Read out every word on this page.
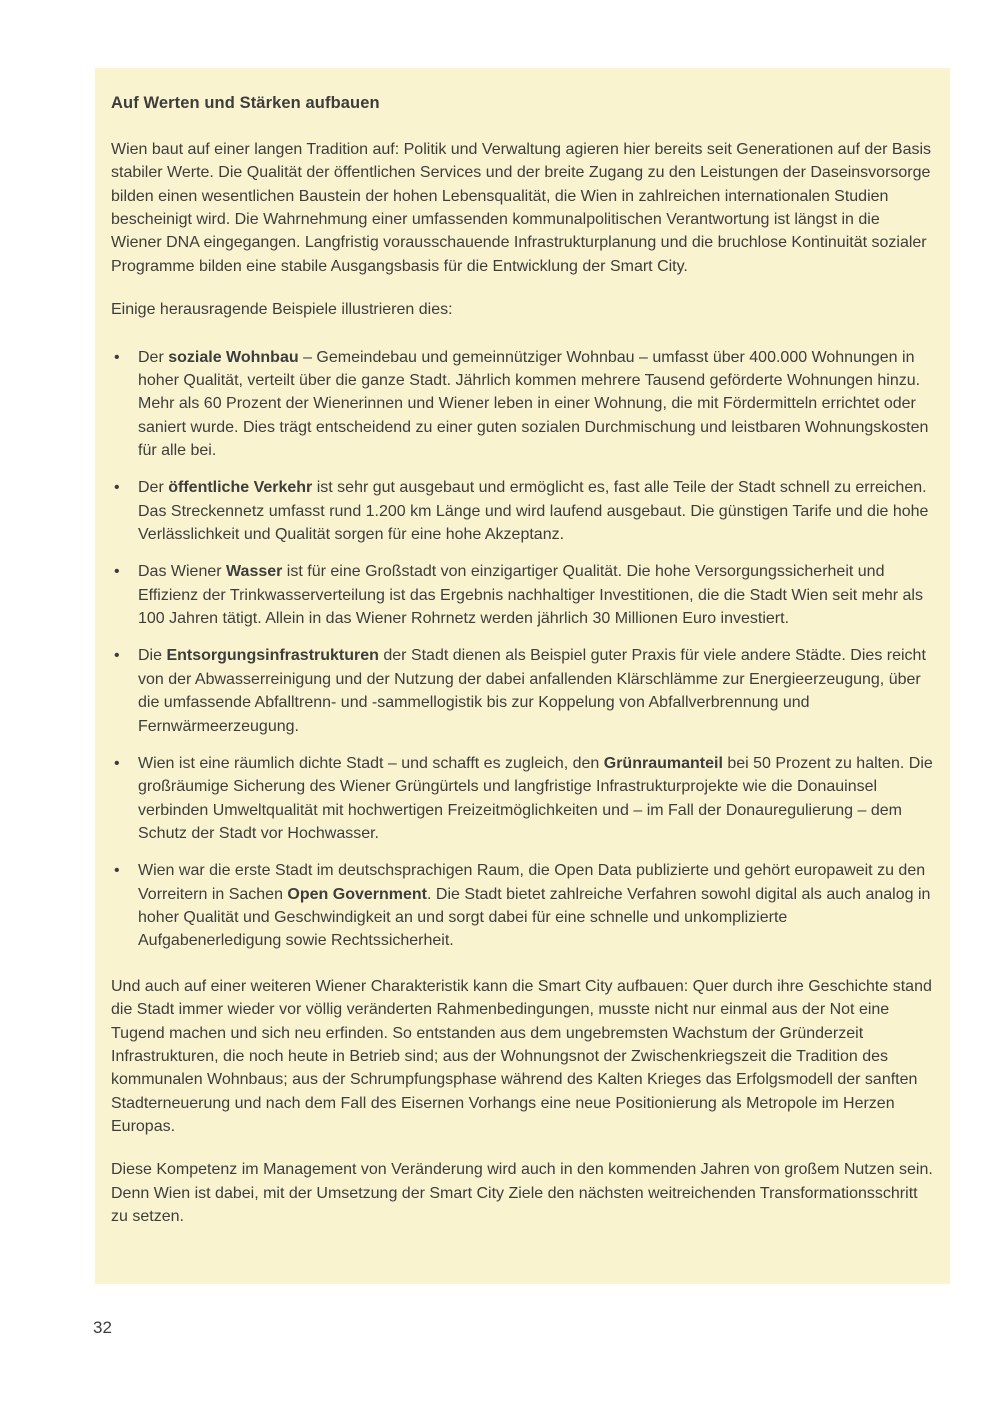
Auf Werten und Stärken aufbauen

Wien baut auf einer langen Tradition auf: Politik und Verwaltung agieren hier bereits seit Generationen auf der Basis stabiler Werte. Die Qualität der öffentlichen Services und der breite Zugang zu den Leistungen der Daseinsvorsorge bilden einen wesentlichen Baustein der hohen Lebensqualität, die Wien in zahlreichen internationalen Studien bescheinigt wird. Die Wahrnehmung einer umfassenden kommunalpolitischen Verantwortung ist längst in die Wiener DNA eingegangen. Langfristig vorausschauende Infrastrukturplanung und die bruchlose Kontinuität sozialer Programme bilden eine stabile Ausgangsbasis für die Entwicklung der Smart City.

Einige herausragende Beispiele illustrieren dies:

• Der soziale Wohnbau – Gemeindebau und gemeinnütziger Wohnbau – umfasst über 400.000 Wohnungen in hoher Qualität, verteilt über die ganze Stadt. Jährlich kommen mehrere Tausend geförderte Wohnungen hinzu. Mehr als 60 Prozent der Wienerinnen und Wiener leben in einer Wohnung, die mit Fördermitteln errichtet oder saniert wurde. Dies trägt entscheidend zu einer guten sozialen Durchmischung und leistbaren Wohnungskosten für alle bei.
• Der öffentliche Verkehr ist sehr gut ausgebaut und ermöglicht es, fast alle Teile der Stadt schnell zu erreichen. Das Streckennetz umfasst rund 1.200 km Länge und wird laufend ausgebaut. Die günstigen Tarife und die hohe Verlässlichkeit und Qualität sorgen für eine hohe Akzeptanz.
• Das Wiener Wasser ist für eine Großstadt von einzigartiger Qualität. Die hohe Versorgungssicherheit und Effizienz der Trinkwasserverteilung ist das Ergebnis nachhaltiger Investitionen, die die Stadt Wien seit mehr als 100 Jahren tätigt. Allein in das Wiener Rohrnetz werden jährlich 30 Millionen Euro investiert.
• Die Entsorgungsinfrastrukturen der Stadt dienen als Beispiel guter Praxis für viele andere Städte. Dies reicht von der Abwasserreinigung und der Nutzung der dabei anfallenden Klärschlämme zur Energieerzeugung, über die umfassende Abfalltrenn- und -sammellogistik bis zur Koppelung von Abfallverbrennung und Fernwärmeerzeugung.
• Wien ist eine räumlich dichte Stadt – und schafft es zugleich, den Grünraumanteil bei 50 Prozent zu halten. Die großräumige Sicherung des Wiener Grüngürtels und langfristige Infrastrukturprojekte wie die Donauinsel verbinden Umweltqualität mit hochwertigen Freizeitmöglichkeiten und – im Fall der Donauregulierung – dem Schutz der Stadt vor Hochwasser.
• Wien war die erste Stadt im deutschsprachigen Raum, die Open Data publizierte und gehört europaweit zu den Vorreitern in Sachen Open Government. Die Stadt bietet zahlreiche Verfahren sowohl digital als auch analog in hoher Qualität und Geschwindigkeit an und sorgt dabei für eine schnelle und unkomplizierte Aufgabenerledigung sowie Rechtssicherheit.

Und auch auf einer weiteren Wiener Charakteristik kann die Smart City aufbauen: Quer durch ihre Geschichte stand die Stadt immer wieder vor völlig veränderten Rahmenbedingungen, musste nicht nur einmal aus der Not eine Tugend machen und sich neu erfinden. So entstanden aus dem ungebremsten Wachstum der Gründerzeit Infrastrukturen, die noch heute in Betrieb sind; aus der Wohnungsnot der Zwischenkriegszeit die Tradition des kommunalen Wohnbaus; aus der Schrumpfungsphase während des Kalten Krieges das Erfolgsmodell der sanften Stadterneuerung und nach dem Fall des Eisernen Vorhangs eine neue Positionierung als Metropole im Herzen Europas.

Diese Kompetenz im Management von Veränderung wird auch in den kommenden Jahren von großem Nutzen sein. Denn Wien ist dabei, mit der Umsetzung der Smart City Ziele den nächsten weitreichenden Transformationsschritt zu setzen.

32
